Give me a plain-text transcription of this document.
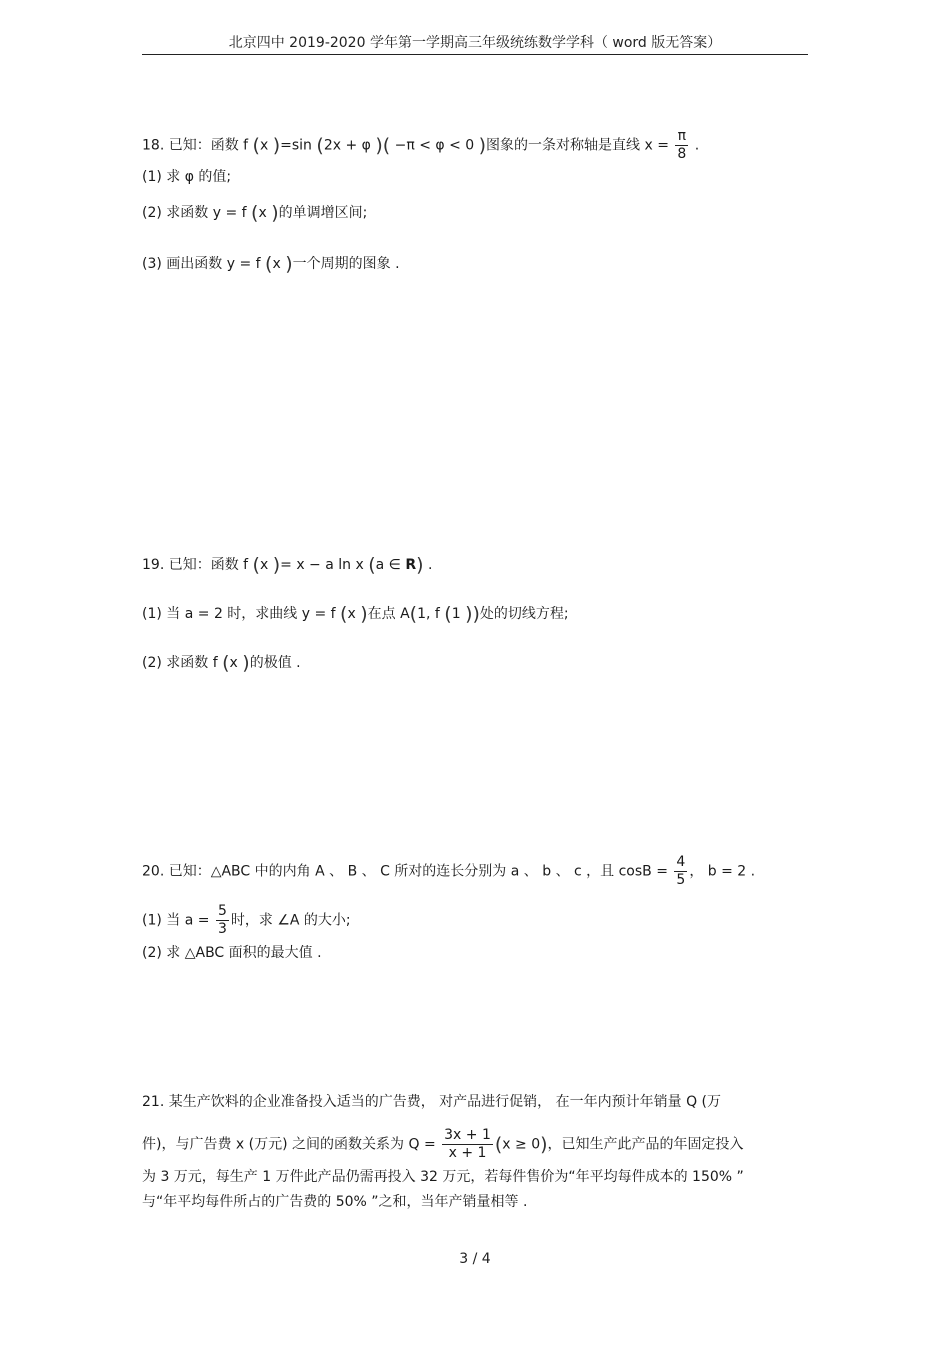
北京四中 2019-2020 学年第一学期高三年级统练数学学科（ word 版无答案）
18. 已知：函数 f (x )=sin (2x + φ )( −π < φ < 0 )图象的一条对称轴是直线 $x = \frac{\pi}{8}$ .
(1) 求 φ 的值;
(2) 求函数 y = f (x )的单调增区间;
(3) 画出函数 y = f (x )一个周期的图象 .
19. 已知：函数 f (x )= x − a ln x (a ∈ R) .
(1) 当 a = 2 时，求曲线 y = f (x )在点 A(1, f (1 ))处的切线方程;
(2) 求函数 f (x )的极值 .
20. 已知：△ABC 中的内角 A 、 B 、 C 所对的连长分别为 a 、 b 、 c ，且 $\cos B = \frac{4}{5}$ ， b = 2 .
(1) 当 $a = \frac{5}{3}$ 时，求 ∠A 的大小;
(2) 求 △ABC 面积的最大值 .
21. 某生产饮料的企业准备投入适当的广告费， 对产品进行促销， 在一年内预计年销量 Q (万
件)，与广告费 x (万元) 之间的函数关系为 $Q = \frac{3x + 1}{x + 1} (x \ge 0)$，已知生产此产品的年固定投入
为 3 万元，每生产 1 万件此产品仍需再投入 32 万元，若每件售价为“年平均每件成本的 150% ”
与“年平均每件所占的广告费的 50% ”之和，当年产销量相等 .
3 / 4
